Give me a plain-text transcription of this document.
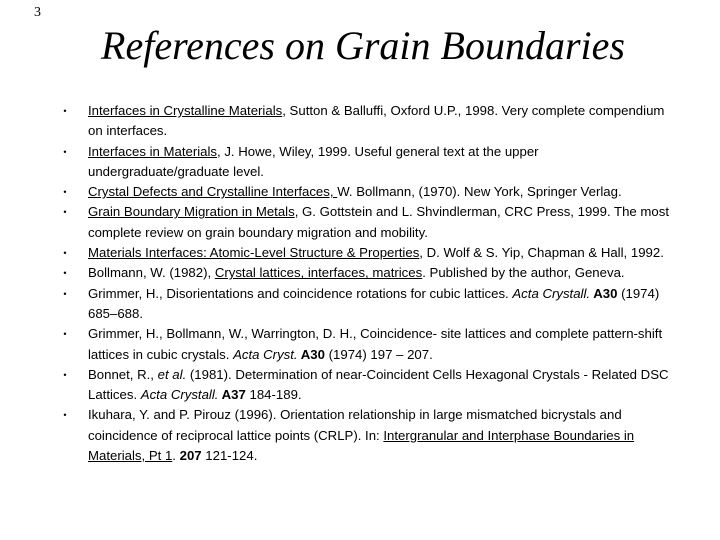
3
References on Grain Boundaries
• Interfaces in Crystalline Materials, Sutton & Balluffi, Oxford U.P., 1998. Very complete compendium on interfaces.
• Interfaces in Materials, J. Howe, Wiley, 1999. Useful general text at the upper undergraduate/graduate level.
• Crystal Defects and Crystalline Interfaces, W. Bollmann, (1970). New York, Springer Verlag.
• Grain Boundary Migration in Metals, G. Gottstein and L. Shvindlerman, CRC Press, 1999. The most complete review on grain boundary migration and mobility.
• Materials Interfaces: Atomic-Level Structure & Properties, D. Wolf & S. Yip, Chapman & Hall, 1992.
• Bollmann, W. (1982), Crystal lattices, interfaces, matrices. Published by the author, Geneva.
• Grimmer, H., Disorientations and coincidence rotations for cubic lattices. Acta Crystall. A30 (1974) 685–688.
• Grimmer, H., Bollmann, W., Warrington, D. H., Coincidence- site lattices and complete pattern-shift lattices in cubic crystals. Acta Cryst. A30 (1974) 197 – 207.
• Bonnet, R., et al. (1981). Determination of near-Coincident Cells Hexagonal Crystals - Related DSC Lattices. Acta Crystall. A37 184-189.
• Ikuhara, Y. and P. Pirouz (1996). Orientation relationship in large mismatched bicrystals and coincidence of reciprocal lattice points (CRLP). In: Intergranular and Interphase Boundaries in Materials, Pt 1. 207 121-124.
